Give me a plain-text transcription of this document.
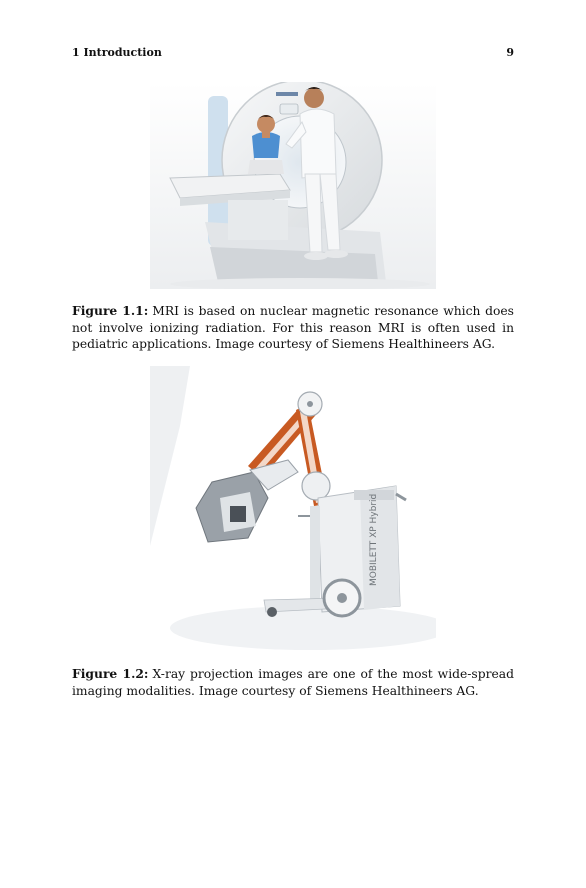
1 Introduction	9
Figure 1.1: MRI is based on nuclear magnetic resonance which does not involve ionizing radiation. For this reason MRI is often used in pediatric applications. Image courtesy of Siemens Healthineers AG.
MOBILETT XP Hybrid
Figure 1.2: X-ray projection images are one of the most wide-spread imaging modalities. Image courtesy of Siemens Healthineers AG.
